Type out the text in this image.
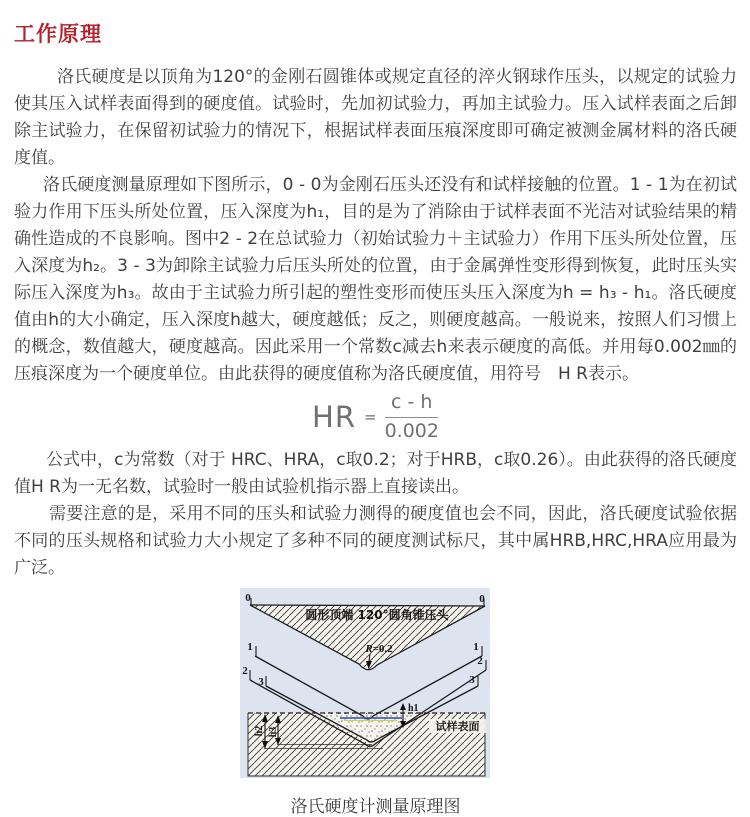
工作原理

洛氏硬度是以顶角为120°的金刚石圆锥体或规定直径的淬火钢球作压头，以规定的试验力使其压入试样表面得到的硬度值。试验时，先加初试验力，再加主试验力。压入试样表面之后卸除主试验力，在保留初试验力的情况下，根据试样表面压痕深度即可确定被测金属材料的洛氏硬度值。

洛氏硬度测量原理如下图所示，0 - 0为金刚石压头还没有和试样接触的位置。1 - 1为在初试验力作用下压头所处位置，压入深度为h₁，目的是为了消除由于试样表面不光洁对试验结果的精确性造成的不良影响。图中2 - 2在总试验力（初始试验力＋主试验力）作用下压头所处位置，压入深度为h₂。3 - 3为卸除主试验力后压头所处的位置，由于金属弹性变形得到恢复，此时压头实际压入深度为h₃。故由于主试验力所引起的塑性变形而使压头压入深度为h = h₃ - h₁。洛氏硬度值由h的大小确定，压入深度h越大，硬度越低；反之，则硬度越高。一般说来，按照人们习惯上的概念，数值越大，硬度越高。因此采用一个常数c减去h来表示硬度的高低。并用每0.002㎜的压痕深度为一个硬度单位。由此获得的硬度值称为洛氏硬度值，用符号　H R表示。

HR = $\frac{c - h}{0.002}$

公式中，c为常数（对于 HRC、HRA，c取0.2；对于HRB，c取0.26）。由此获得的洛氏硬度值H R为一无名数，试验时一般由试验机指示器上直接读出。

需要注意的是，采用不同的压头和试验力测得的硬度值也会不同，因此，洛氏硬度试验依据不同的压头规格和试验力大小规定了多种不同的硬度测试标尺，其中属HRB,HRC,HRA应用最为广泛。

圆形顶端 120°圆角锥压头
R=0.2
h1
h2 h3	试样表面
0	0
1	1
2
2
3	3
洛氏硬度计测量原理图
